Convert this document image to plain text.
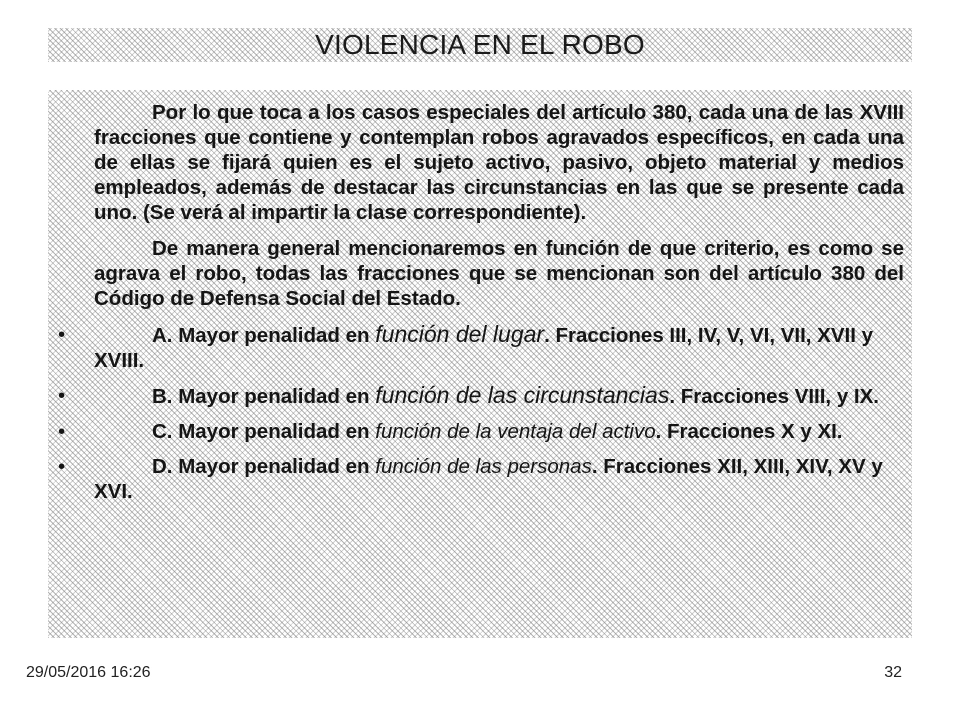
VIOLENCIA EN EL ROBO

Por lo que toca a los casos especiales del artículo 380, cada una de las XVIII fracciones que contiene y contemplan robos agravados específicos, en cada una de ellas se fijará quien es el sujeto activo, pasivo, objeto material y medios empleados, además de destacar las circunstancias en las que se presente cada uno. (Se verá al impartir la clase correspondiente).

De manera general mencionaremos en función de que criterio, es como se agrava el robo, todas las fracciones que se mencionan son del artículo 380 del Código de Defensa Social del Estado.

•	A. Mayor penalidad en función del lugar. Fracciones III, IV, V, VI, VII, XVII y XVIII.
•	B. Mayor penalidad en función de las circunstancias. Fracciones VIII, y IX.
•	C. Mayor penalidad en función de la ventaja del activo. Fracciones X y XI.
•	D. Mayor penalidad en función de las personas. Fracciones XII, XIII, XIV, XV y XVI.
29/05/2016 16:26	32
